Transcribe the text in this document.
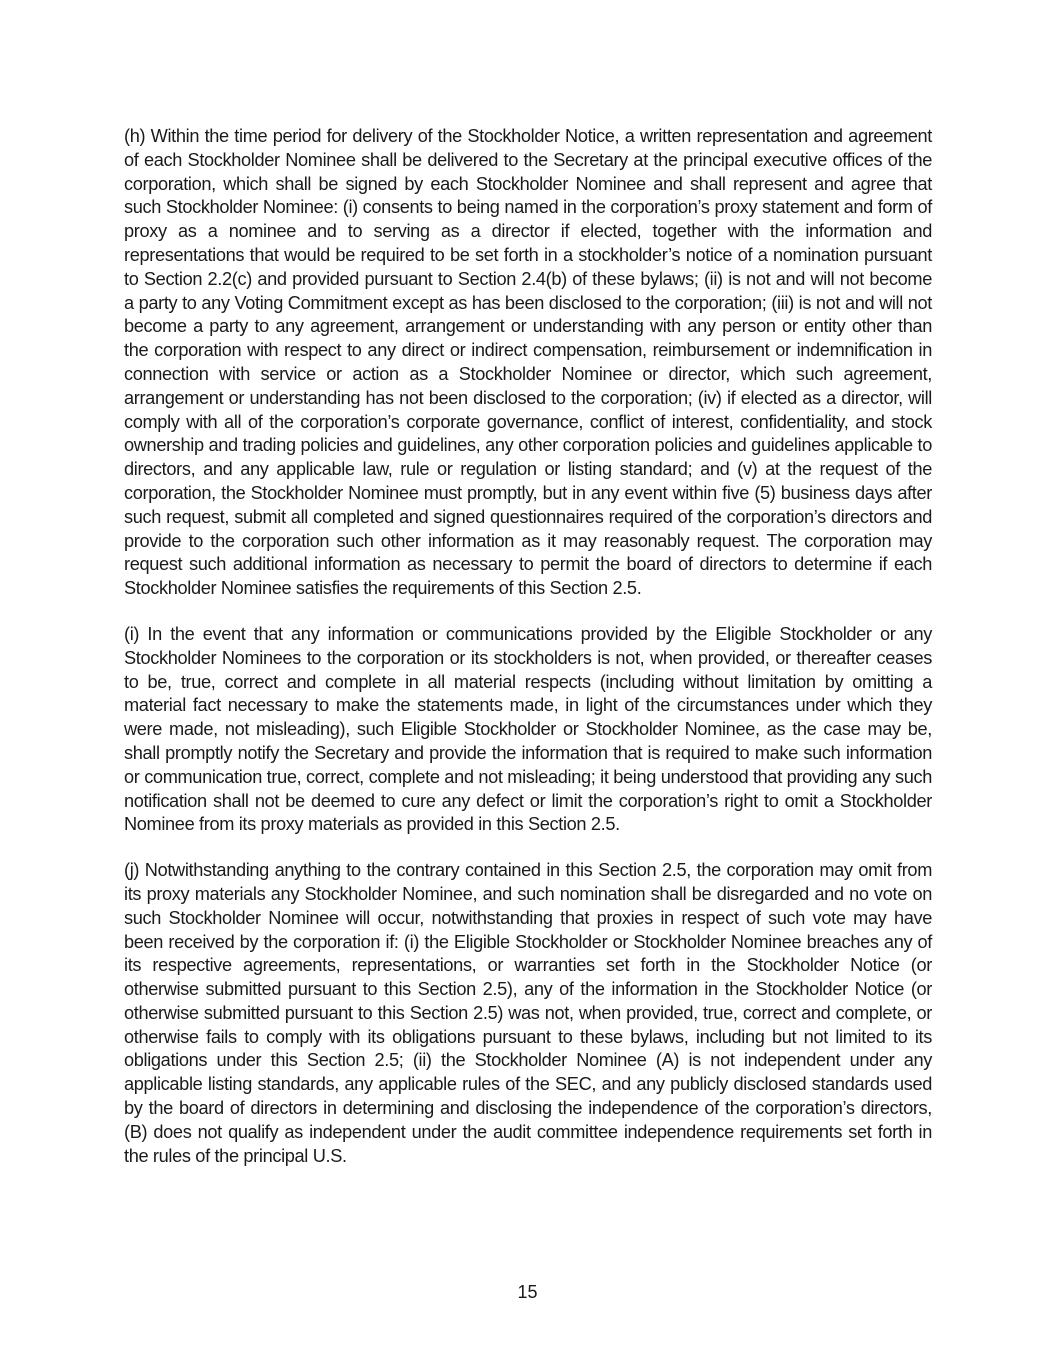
(h) Within the time period for delivery of the Stockholder Notice, a written representation and agreement of each Stockholder Nominee shall be delivered to the Secretary at the principal executive offices of the corporation, which shall be signed by each Stockholder Nominee and shall represent and agree that such Stockholder Nominee: (i) consents to being named in the corporation’s proxy statement and form of proxy as a nominee and to serving as a director if elected, together with the information and representations that would be required to be set forth in a stockholder’s notice of a nomination pursuant to Section 2.2(c) and provided pursuant to Section 2.4(b) of these bylaws; (ii) is not and will not become a party to any Voting Commitment except as has been disclosed to the corporation; (iii) is not and will not become a party to any agreement, arrangement or understanding with any person or entity other than the corporation with respect to any direct or indirect compensation, reimbursement or indemnification in connection with service or action as a Stockholder Nominee or director, which such agreement, arrangement or understanding has not been disclosed to the corporation; (iv) if elected as a director, will comply with all of the corporation’s corporate governance, conflict of interest, confidentiality, and stock ownership and trading policies and guidelines, any other corporation policies and guidelines applicable to directors, and any applicable law, rule or regulation or listing standard; and (v) at the request of the corporation, the Stockholder Nominee must promptly, but in any event within five (5) business days after such request, submit all completed and signed questionnaires required of the corporation’s directors and provide to the corporation such other information as it may reasonably request. The corporation may request such additional information as necessary to permit the board of directors to determine if each Stockholder Nominee satisfies the requirements of this Section 2.5.

(i) In the event that any information or communications provided by the Eligible Stockholder or any Stockholder Nominees to the corporation or its stockholders is not, when provided, or thereafter ceases to be, true, correct and complete in all material respects (including without limitation by omitting a material fact necessary to make the statements made, in light of the circumstances under which they were made, not misleading), such Eligible Stockholder or Stockholder Nominee, as the case may be, shall promptly notify the Secretary and provide the information that is required to make such information or communication true, correct, complete and not misleading; it being understood that providing any such notification shall not be deemed to cure any defect or limit the corporation’s right to omit a Stockholder Nominee from its proxy materials as provided in this Section 2.5.

(j) Notwithstanding anything to the contrary contained in this Section 2.5, the corporation may omit from its proxy materials any Stockholder Nominee, and such nomination shall be disregarded and no vote on such Stockholder Nominee will occur, notwithstanding that proxies in respect of such vote may have been received by the corporation if: (i) the Eligible Stockholder or Stockholder Nominee breaches any of its respective agreements, representations, or warranties set forth in the Stockholder Notice (or otherwise submitted pursuant to this Section 2.5), any of the information in the Stockholder Notice (or otherwise submitted pursuant to this Section 2.5) was not, when provided, true, correct and complete, or otherwise fails to comply with its obligations pursuant to these bylaws, including but not limited to its obligations under this Section 2.5; (ii) the Stockholder Nominee (A) is not independent under any applicable listing standards, any applicable rules of the SEC, and any publicly disclosed standards used by the board of directors in determining and disclosing the independence of the corporation’s directors, (B) does not qualify as independent under the audit committee independence requirements set forth in the rules of the principal U.S.

15
